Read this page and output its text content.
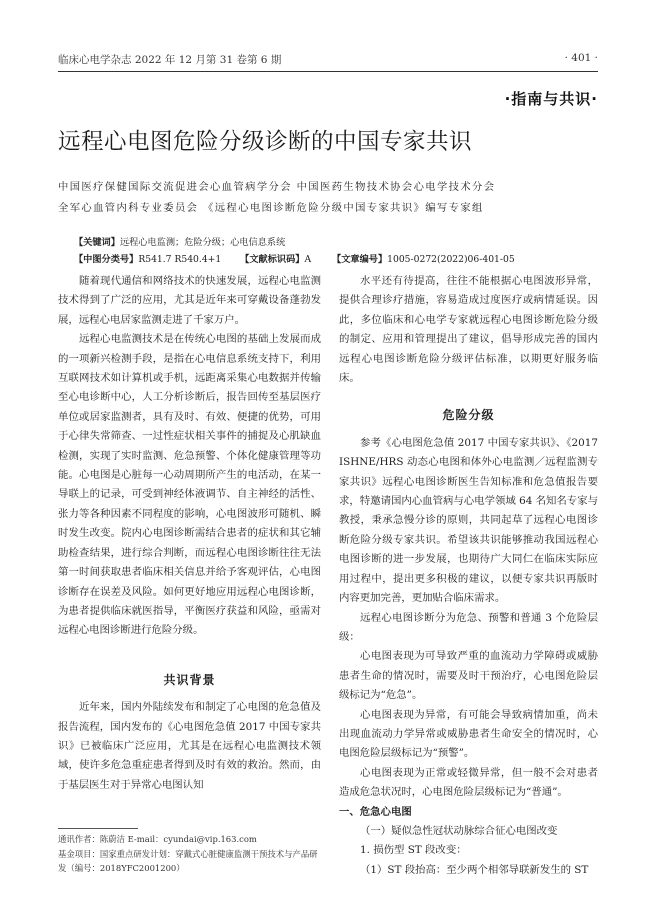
临床心电学杂志 2022 年 12 月第 31 卷第 6 期	· 401 ·
·指南与共识·
远程心电图危险分级诊断的中国专家共识
中国医疗保健国际交流促进会心血管病学分会 中国医药生物技术协会心电学技术分会
全军心血管内科专业委员会 《远程心电图诊断危险分级中国专家共识》编写专家组
【关键词】远程心电监测；危险分级；心电信息系统
【中图分类号】R541.7 R540.4+1 【文献标识码】A 【文章编号】1005-0272(2022)06-401-05

随着现代通信和网络技术的快速发展，远程心电监测技术得到了广泛的应用，尤其是近年来可穿戴设备蓬勃发展，远程心电居家监测走进了千家万户。

远程心电监测技术是在传统心电图的基础上发展而成的一项新兴检测手段，是指在心电信息系统支持下，利用互联网技术如计算机或手机，远距离采集心电数据并传输至心电诊断中心，人工分析诊断后，报告回传至基层医疗单位或居家监测者，具有及时、有效、便捷的优势，可用于心律失常筛查、一过性症状相关事件的捕捉及心肌缺血检测，实现了实时监测、危急预警、个体化健康管理等功能。心电图是心脏每一心动周期所产生的电活动，在某一导联上的记录，可受到神经体液调节、自主神经的活性、张力等各种因素不同程度的影响，心电图波形可随机、瞬时发生改变。院内心电图诊断需结合患者的症状和其它辅助检查结果，进行综合判断，而远程心电图诊断往往无法第一时间获取患者临床相关信息并给予客观评估，心电图诊断存在误差及风险。如何更好地应用远程心电图诊断，为患者提供临床就医指导，平衡医疗获益和风险，亟需对远程心电图诊断进行危险分级。

共识背景

近年来，国内外陆续发布和制定了心电图的危急值及报告流程，国内发布的《心电图危急值 2017 中国专家共识》已被临床广泛应用，尤其是在远程心电监测技术领域，使许多危急重症患者得到及时有效的救治。然而，由于基层医生对于异常心电图认知

水平还有待提高，往往不能根据心电图波形异常，提供合理诊疗措施，容易造成过度医疗或病情延误。因此，多位临床和心电学专家就远程心电图诊断危险分级的制定、应用和管理提出了建议，倡导形成完善的国内远程心电图诊断危险分级评估标准，以期更好服务临床。

危险分级

参考《心电图危急值 2017 中国专家共识》、《2017 ISHNE/HRS 动态心电图和体外心电监测／远程监测专家共识》远程心电图诊断医生告知标准和危急值报告要求，特邀请国内心血管病与心电学领域 64 名知名专家与教授，秉承急慢分诊的原则，共同起草了远程心电图诊断危险分级专家共识。希望该共识能够推动我国远程心电图诊断的进一步发展，也期待广大同仁在临床实际应用过程中，提出更多积极的建议，以便专家共识再版时内容更加完善，更加贴合临床需求。

远程心电图诊断分为危急、预警和普通 3 个危险层级：

心电图表现为可导致严重的血流动力学障碍或威胁患者生命的情况时，需要及时干预治疗，心电图危险层级标记为“危急”。

心电图表现为异常，有可能会导致病情加重，尚未出现血流动力学异常或威胁患者生命安全的情况时，心电图危险层级标记为“预警”。

心电图表现为正常或轻微异常，但一般不会对患者造成危急状况时，心电图危险层级标记为“普通”。

一、危急心电图

（一）疑似急性冠状动脉综合征心电图改变

1. 损伤型 ST 段改变：

（1）ST 段抬高：至少两个相邻导联新发生的 ST

通讯作者：陈蔚洁 E-mail：cyundai@vip.163.com
基金项目：国家重点研发计划：穿戴式心脏健康监测干预技术与产品研发（编号：2018YFC2001200）
